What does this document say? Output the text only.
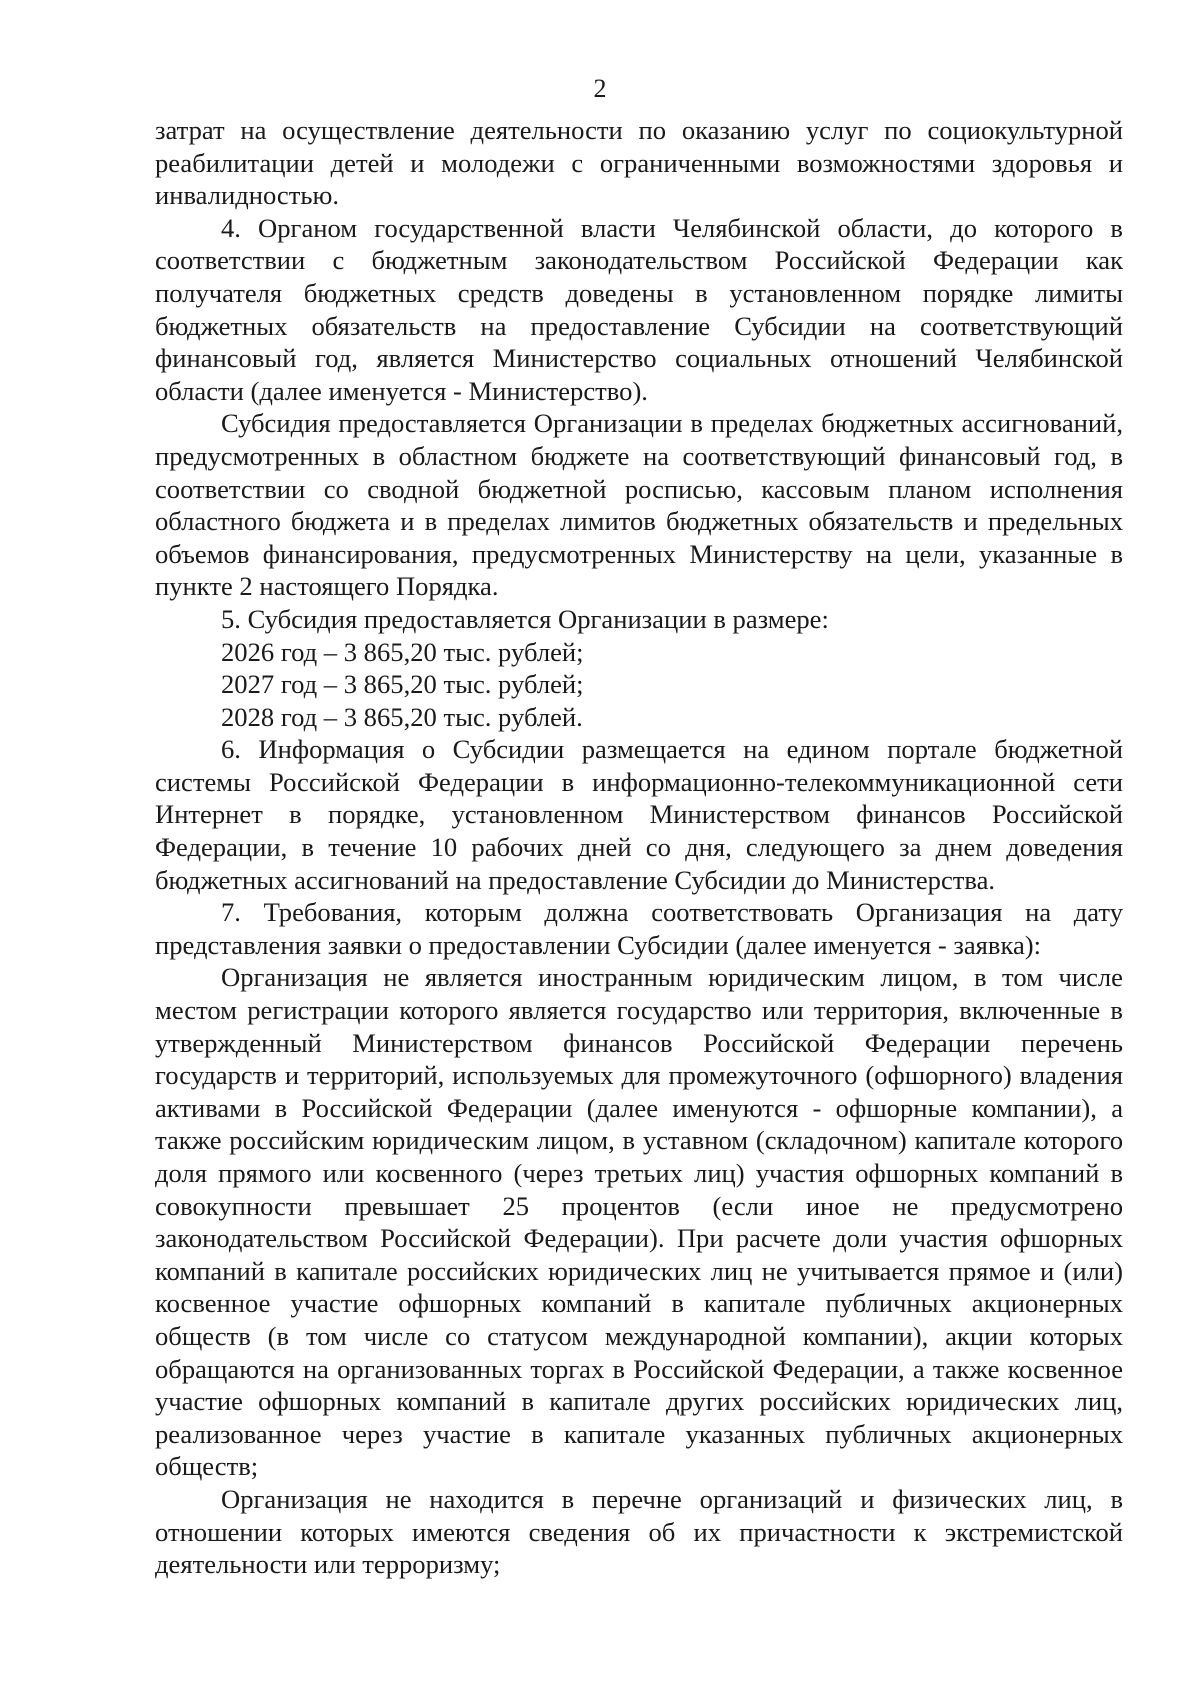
2

затрат на осуществление деятельности по оказанию услуг по социокультурной реабилитации детей и молодежи с ограниченными возможностями здоровья и инвалидностью.

4. Органом государственной власти Челябинской области, до которого в соответствии с бюджетным законодательством Российской Федерации как получателя бюджетных средств доведены в установленном порядке лимиты бюджетных обязательств на предоставление Субсидии на соответствующий финансовый год, является Министерство социальных отношений Челябинской области (далее именуется - Министерство).

Субсидия предоставляется Организации в пределах бюджетных ассигнований, предусмотренных в областном бюджете на соответствующий финансовый год, в соответствии со сводной бюджетной росписью, кассовым планом исполнения областного бюджета и в пределах лимитов бюджетных обязательств и предельных объемов финансирования, предусмотренных Министерству на цели, указанные в пункте 2 настоящего Порядка.

5. Субсидия предоставляется Организации в размере:

2026 год – 3 865,20 тыс. рублей;

2027 год – 3 865,20 тыс. рублей;

2028 год – 3 865,20 тыс. рублей.

6. Информация о Субсидии размещается на едином портале бюджетной системы Российской Федерации в информационно-телекоммуникационной сети Интернет в порядке, установленном Министерством финансов Российской Федерации, в течение 10 рабочих дней со дня, следующего за днем доведения бюджетных ассигнований на предоставление Субсидии до Министерства.

7. Требования, которым должна соответствовать Организация на дату представления заявки о предоставлении Субсидии (далее именуется - заявка):

Организация не является иностранным юридическим лицом, в том числе местом регистрации которого является государство или территория, включенные в утвержденный Министерством финансов Российской Федерации перечень государств и территорий, используемых для промежуточного (офшорного) владения активами в Российской Федерации (далее именуются - офшорные компании), а также российским юридическим лицом, в уставном (складочном) капитале которого доля прямого или косвенного (через третьих лиц) участия офшорных компаний в совокупности превышает 25 процентов (если иное не предусмотрено законодательством Российской Федерации). При расчете доли участия офшорных компаний в капитале российских юридических лиц не учитывается прямое и (или) косвенное участие офшорных компаний в капитале публичных акционерных обществ (в том числе со статусом международной компании), акции которых обращаются на организованных торгах в Российской Федерации, а также косвенное участие офшорных компаний в капитале других российских юридических лиц, реализованное через участие в капитале указанных публичных акционерных обществ;

Организация не находится в перечне организаций и физических лиц, в отношении которых имеются сведения об их причастности к экстремистской деятельности или терроризму;
